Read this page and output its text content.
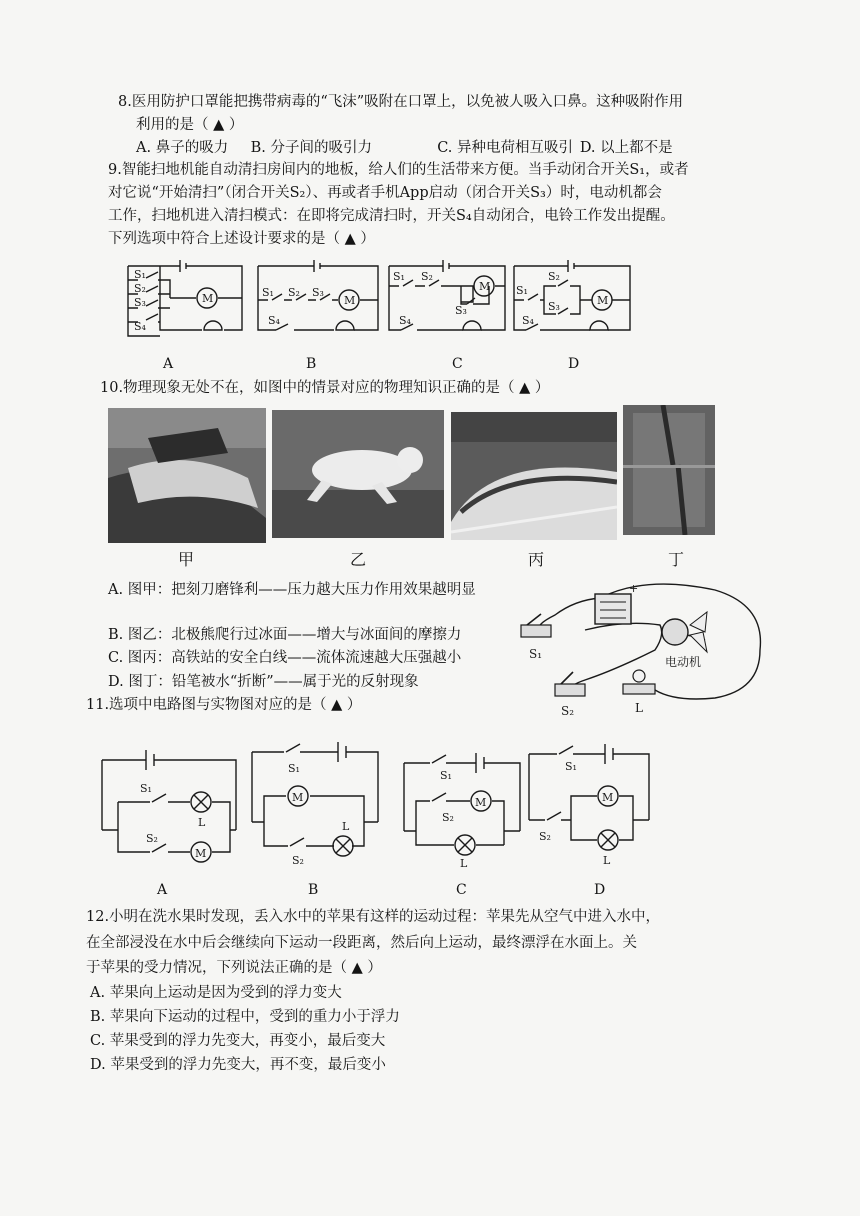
8.医用防护口罩能把携带病毒的“飞沫”吸附在口罩上，以免被人吸入口鼻。这种吸附作用
利用的是（ ▲ ）
A. 鼻子的吸力 B. 分子间的吸引力	C. 异种电荷相互吸引 D. 以上都不是
9.智能扫地机能自动清扫房间内的地板，给人们的生活带来方便。当手动闭合开关S₁，或者
对它说“开始清扫”（闭合开关S₂）、再或者手机App启动（闭合开关S₃）时，电动机都会
工作，扫地机进入清扫模式：在即将完成清扫时，开关S₄自动闭合，电铃工作发出提醒。
下列选项中符合上述设计要求的是（ ▲ ）
M
S₁
S₂
S₃
S₄
M
S₁ S₂ S₃
S₄
M
S₁ S₂
S₃
S₄
M
S₁
S₂
S₃
S₄
A	B	C	D
10.物理现象无处不在，如图中的情景对应的物理知识正确的是（ ▲ ）
甲	乙	丙	丁
A. 图甲：把刻刀磨锋利——压力越大压力作用效果越明显
B. 图乙：北极熊爬行过冰面——增大与冰面间的摩擦力
C. 图丙：高铁站的安全白线——流体流速越大压强越小
D. 图丁：铅笔被水“折断”——属于光的反射现象
+
S₁
电动机
S₂	L
11.选项中电路图与实物图对应的是（ ▲ ）
M
S₁
S₂
L
M
S₁
S₂
L
M
S₁
S₂
L
M
S₁
S₂
L
A	B	C	D
12.小明在洗水果时发现，丢入水中的苹果有这样的运动过程：苹果先从空气中进入水中，
在全部浸没在水中后会继续向下运动一段距离，然后向上运动，最终漂浮在水面上。关
于苹果的受力情况，下列说法正确的是（ ▲ ）
A. 苹果向上运动是因为受到的浮力变大
B. 苹果向下运动的过程中，受到的重力小于浮力
C. 苹果受到的浮力先变大，再变小，最后变大
D. 苹果受到的浮力先变大，再不变，最后变小
